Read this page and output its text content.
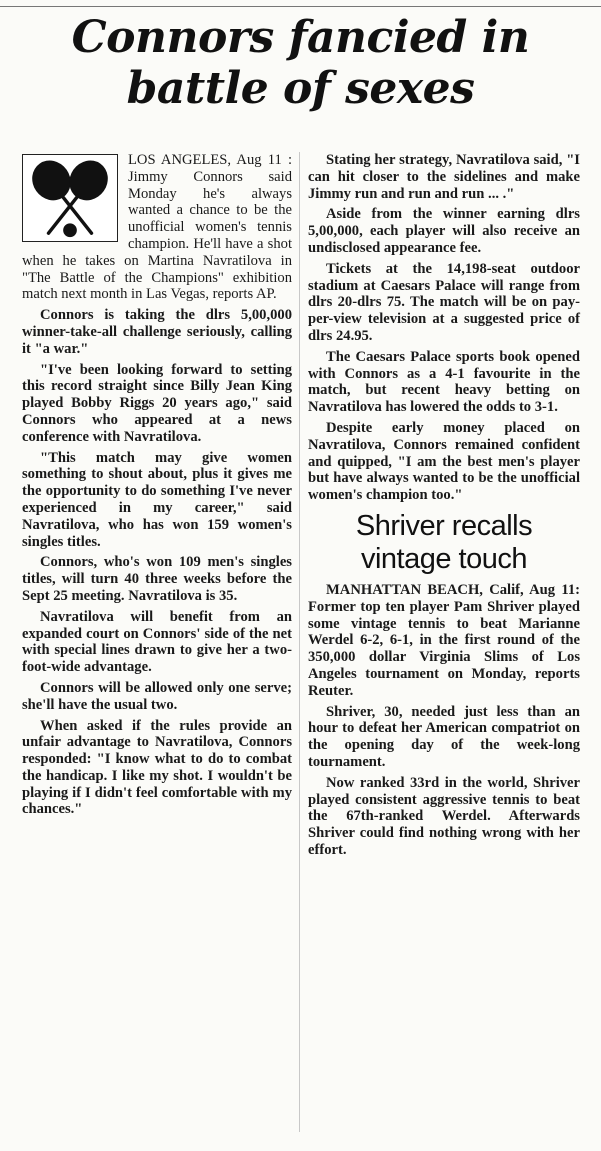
Connors fancied in
battle of sexes

LOS ANGELES, Aug 11 : Jimmy Connors said Monday he's always wanted a chance to be the unofficial women's tennis champion. He'll have a shot when he takes on Martina Navratilova in "The Battle of the Champions" exhibition match next month in Las Vegas, reports AP.

Connors is taking the dlrs 5,00,000 winner-take-all challenge seriously, calling it "a war."

"I've been looking forward to setting this record straight since Billy Jean King played Bobby Riggs 20 years ago," said Connors who appeared at a news conference with Navratilova.

"This match may give women something to shout about, plus it gives me the opportunity to do something I've never experienced in my career," said Navratilova, who has won 159 women's singles titles.

Connors, who's won 109 men's singles titles, will turn 40 three weeks before the Sept 25 meeting. Navratilova is 35.

Navratilova will benefit from an expanded court on Connors' side of the net with special lines drawn to give her a two-foot-wide advantage.

Connors will be allowed only one serve; she'll have the usual two.

When asked if the rules provide an unfair advantage to Navratilova, Connors responded: "I know what to do to combat the handicap. I like my shot. I wouldn't be playing if I didn't feel comfortable with my chances."

Stating her strategy, Navratilova said, "I can hit closer to the sidelines and make Jimmy run and run and run ... ."

Aside from the winner earning dlrs 5,00,000, each player will also receive an undisclosed appearance fee.

Tickets at the 14,198-seat outdoor stadium at Caesars Palace will range from dlrs 20-dlrs 75. The match will be on pay-per-view television at a suggested price of dlrs 24.95.

The Caesars Palace sports book opened with Connors as a 4-1 favourite in the match, but recent heavy betting on Navratilova has lowered the odds to 3-1.

Despite early money placed on Navratilova, Connors remained confident and quipped, "I am the best men's player but have always wanted to be the unofficial women's champion too."

Shriver recalls
vintage touch

MANHATTAN BEACH, Calif, Aug 11: Former top ten player Pam Shriver played some vintage tennis to beat Marianne Werdel 6-2, 6-1, in the first round of the 350,000 dollar Virginia Slims of Los Angeles tournament on Monday, reports Reuter.

Shriver, 30, needed just less than an hour to defeat her American compatriot on the opening day of the week-long tournament.

Now ranked 33rd in the world, Shriver played consistent aggressive tennis to beat the 67th-ranked Werdel. Afterwards Shriver could find nothing wrong with her effort.
